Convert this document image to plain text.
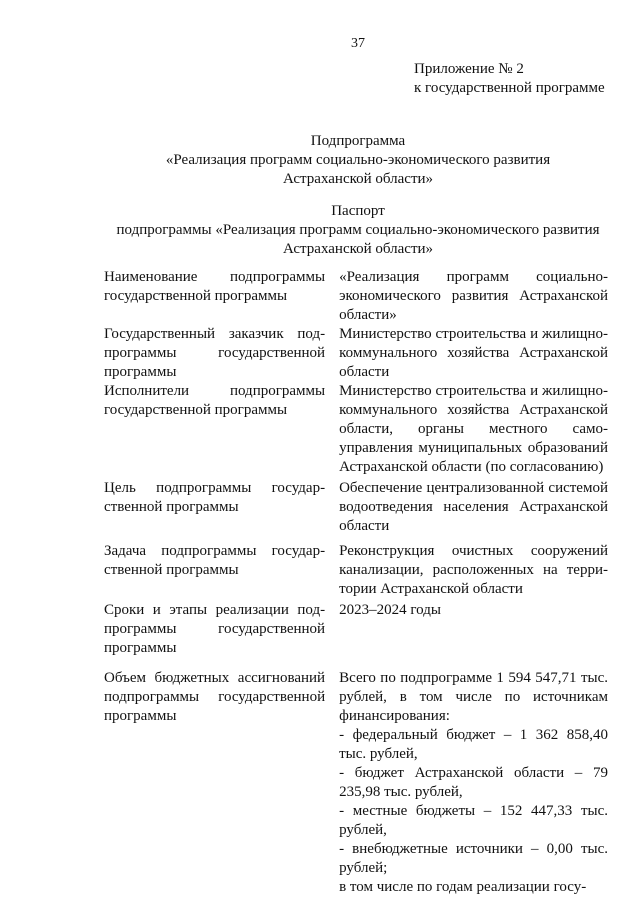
37
Приложение № 2
к государственной программе
Подпрограмма
«Реализация программ социально-экономического развития
Астраханской области»
Паспорт
подпрограммы «Реализация программ социально-экономического развития
Астраханской области»
Наименование подпрограммы государственной программы
«Реализация программ социально-экономического развития Астраханской области»
Государственный заказчик подпрограммы государственной программы
Министерство строительства и жилищно-коммунального хозяйства Астраханской области
Исполнители подпрограммы государственной программы
Министерство строительства и жилищно-коммунального хозяйства Астраханской области, органы местного самоуправления муниципальных образований Астраханской области (по согласованию)
Цель подпрограммы государственной программы
Обеспечение централизованной системой водоотведения населения Астраханской области
Задача подпрограммы государственной программы
Реконструкция очистных сооружений канализации, расположенных на территории Астраханской области
Сроки и этапы реализации подпрограммы государственной программы
2023–2024 годы
Объем бюджетных ассигнований подпрограммы государственной программы

Всего по подпрограмме 1 594 547,71 тыс. рублей, в том числе по источникам финансирования:

- федеральный бюджет – 1 362 858,40 тыс. рублей,

- бюджет Астраханской области – 79 235,98 тыс. рублей,

- местные бюджеты – 152 447,33 тыс. рублей,

- внебюджетные источники – 0,00 тыс. рублей;

в том числе по годам реализации госу-
